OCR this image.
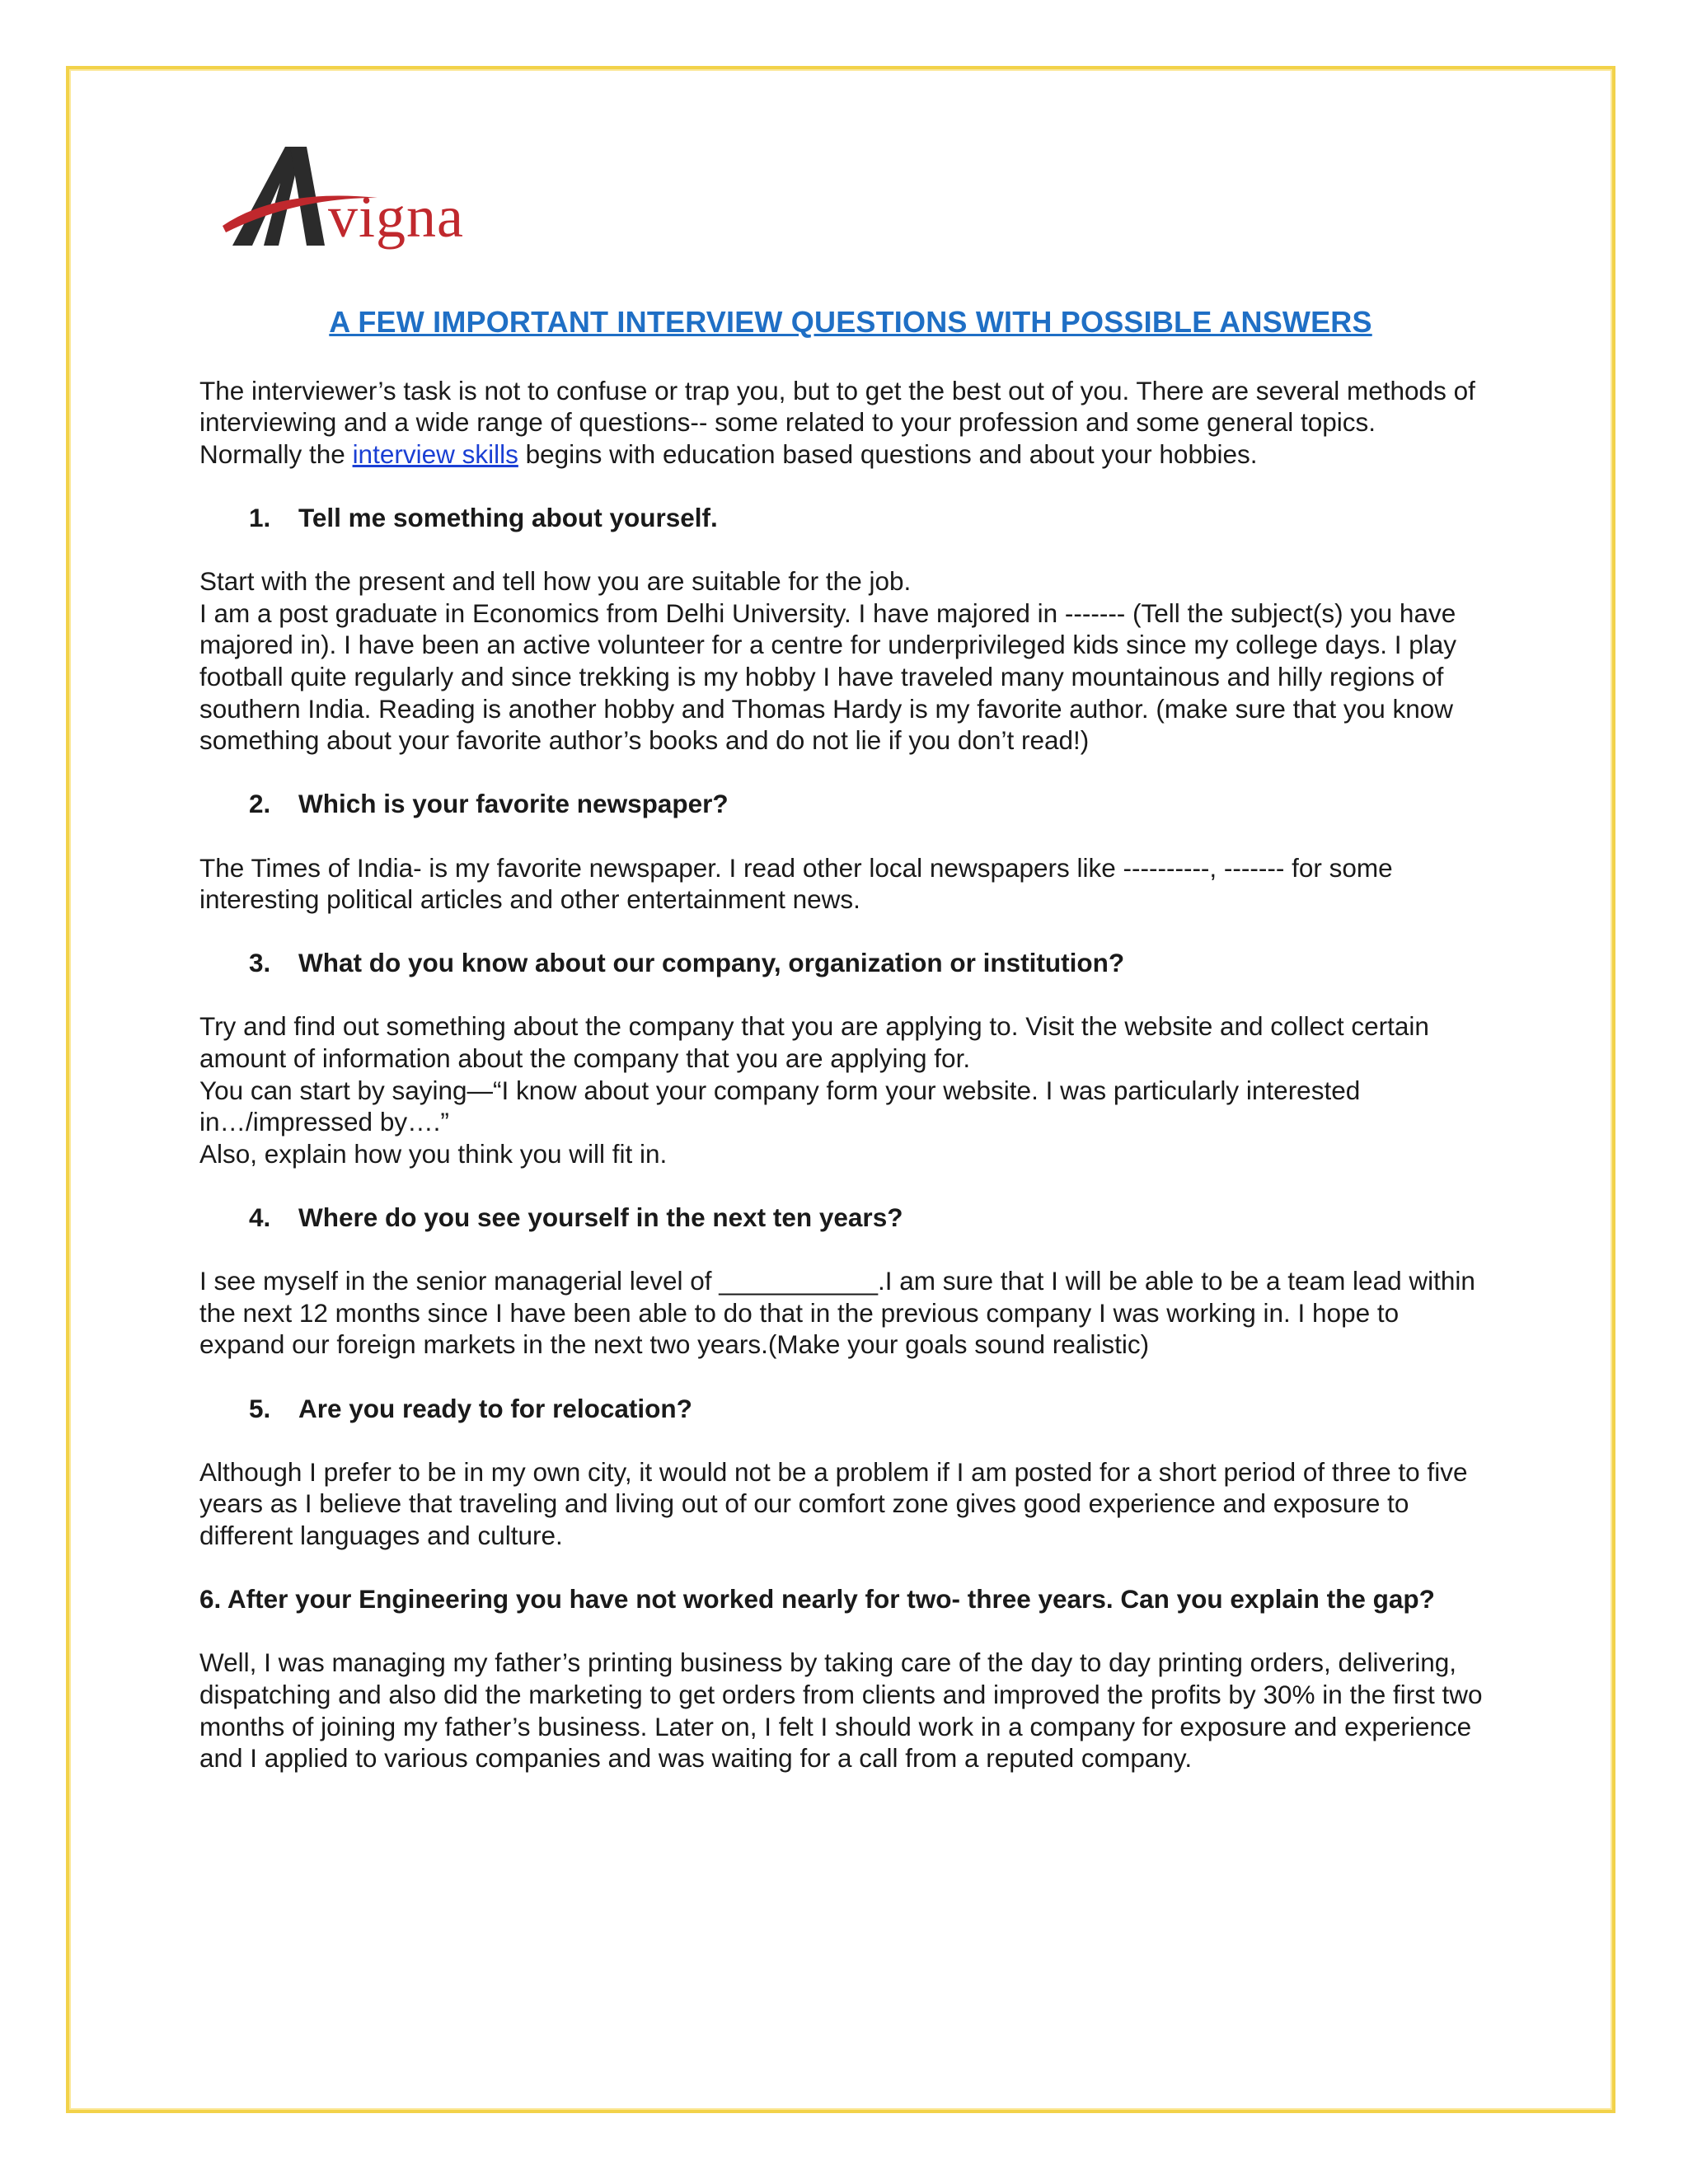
vigna
A FEW IMPORTANT INTERVIEW QUESTIONS WITH POSSIBLE ANSWERS

The interviewer’s task is not to confuse or trap you, but to get the best out of you. There are several methods of interviewing and a wide range of questions-- some related to your profession and some general topics. Normally the interview skills begins with education based questions and about your hobbies.

1. Tell me something about yourself.

Start with the present and tell how you are suitable for the job.

I am a post graduate in Economics from Delhi University. I have majored in ------- (Tell the subject(s) you have majored in). I have been an active volunteer for a centre for underprivileged kids since my college days. I play football quite regularly and since trekking is my hobby I have traveled many mountainous and hilly regions of southern India. Reading is another hobby and Thomas Hardy is my favorite author. (make sure that you know something about your favorite author’s books and do not lie if you don’t read!)

2. Which is your favorite newspaper?

The Times of India- is my favorite newspaper. I read other local newspapers like ----------, ------- for some interesting political articles and other entertainment news.

3. What do you know about our company, organization or institution?

Try and find out something about the company that you are applying to. Visit the website and collect certain amount of information about the company that you are applying for.

You can start by saying—“I know about your company form your website. I was particularly interested in…/impressed by….”

Also, explain how you think you will fit in.

4. Where do you see yourself in the next ten years?

I see myself in the senior managerial level of ___________.I am sure that I will be able to be a team lead within the next 12 months since I have been able to do that in the previous company I was working in. I hope to expand our foreign markets in the next two years.(Make your goals sound realistic)

5. Are you ready to for relocation?

Although I prefer to be in my own city, it would not be a problem if I am posted for a short period of three to five years as I believe that traveling and living out of our comfort zone gives good experience and exposure to different languages and culture.

6. After your Engineering you have not worked nearly for two- three years. Can you explain the gap?

Well, I was managing my father’s printing business by taking care of the day to day printing orders, delivering, dispatching and also did the marketing to get orders from clients and improved the profits by 30% in the first two months of joining my father’s business. Later on, I felt I should work in a company for exposure and experience and I applied to various companies and was waiting for a call from a reputed company.
